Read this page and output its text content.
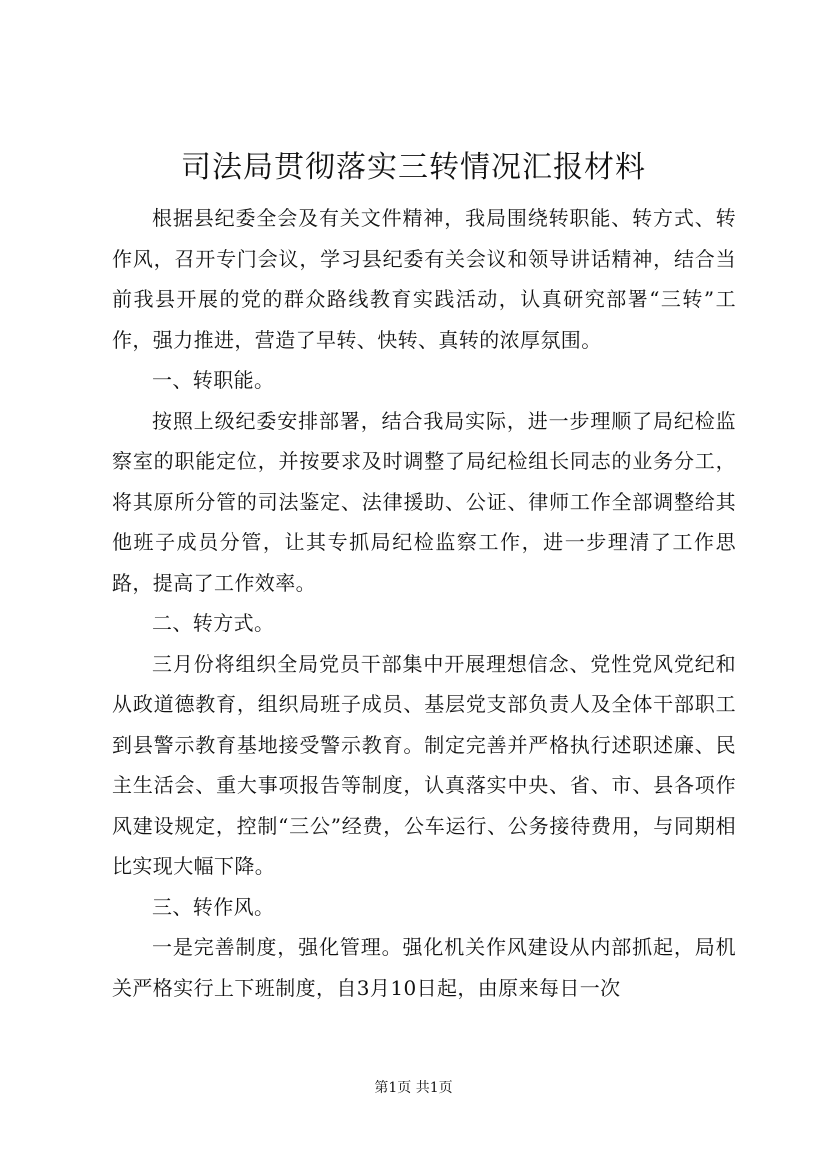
司法局贯彻落实三转情况汇报材料

根据县纪委全会及有关文件精神，我局围绕转职能、转方式、转作风，召开专门会议，学习县纪委有关会议和领导讲话精神，结合当前我县开展的党的群众路线教育实践活动，认真研究部署“三转”工作，强力推进，营造了早转、快转、真转的浓厚氛围。

一、转职能。

按照上级纪委安排部署，结合我局实际，进一步理顺了局纪检监察室的职能定位，并按要求及时调整了局纪检组长同志的业务分工，将其原所分管的司法鉴定、法律援助、公证、律师工作全部调整给其他班子成员分管，让其专抓局纪检监察工作，进一步理清了工作思路，提高了工作效率。

二、转方式。

三月份将组织全局党员干部集中开展理想信念、党性党风党纪和从政道德教育，组织局班子成员、基层党支部负责人及全体干部职工到县警示教育基地接受警示教育。制定完善并严格执行述职述廉、民主生活会、重大事项报告等制度，认真落实中央、省、市、县各项作风建设规定，控制“三公”经费，公车运行、公务接待费用，与同期相比实现大幅下降。

三、转作风。

一是完善制度，强化管理。强化机关作风建设从内部抓起，局机关严格实行上下班制度，自3月10日起，由原来每日一次

第1页 共1页
